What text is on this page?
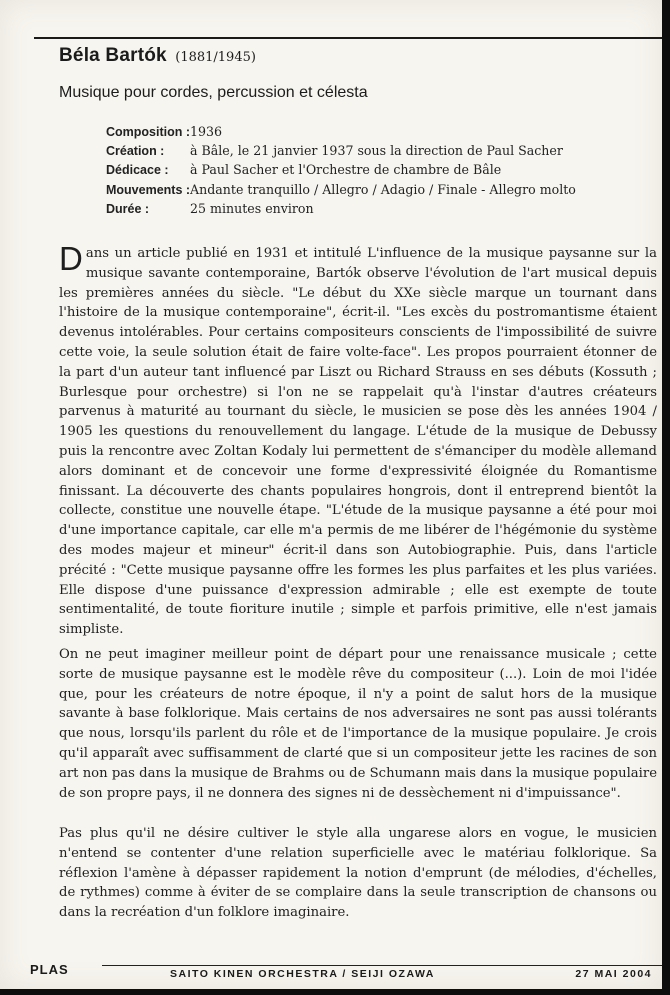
Béla Bartók (1881/1945)
Musique pour cordes, percussion et célesta
Composition :1936
Création : à Bâle, le 21 janvier 1937 sous la direction de Paul Sacher
Dédicace : à Paul Sacher et l'Orchestre de chambre de Bâle
Mouvements :Andante tranquillo / Allegro / Adagio / Finale - Allegro molto
Durée :	25 minutes environ
Dans un article publié en 1931 et intitulé L'influence de la musique paysanne sur la musique savante contemporaine, Bartók observe l'évolution de l'art musical depuis les premières années du siècle. "Le début du XXe siècle marque un tournant dans l'histoire de la musique contemporaine", écrit-il. "Les excès du postromantisme étaient devenus intolérables. Pour certains compositeurs conscients de l'impossibilité de suivre cette voie, la seule solution était de faire volte-face". Les propos pourraient étonner de la part d'un auteur tant influencé par Liszt ou Richard Strauss en ses débuts (Kossuth ; Burlesque pour orchestre) si l'on ne se rappelait qu'à l'instar d'autres créateurs parvenus à maturité au tournant du siècle, le musicien se pose dès les années 1904 / 1905 les questions du renouvellement du langage. L'étude de la musique de Debussy puis la rencontre avec Zoltan Kodaly lui permettent de s'émanciper du modèle allemand alors dominant et de concevoir une forme d'expressivité éloignée du Romantisme finissant. La découverte des chants populaires hongrois, dont il entreprend bientôt la collecte, constitue une nouvelle étape. "L'étude de la musique paysanne a été pour moi d'une importance capitale, car elle m'a permis de me libérer de l'hégémonie du système des modes majeur et mineur" écrit-il dans son Autobiographie. Puis, dans l'article précité : "Cette musique paysanne offre les formes les plus parfaites et les plus variées. Elle dispose d'une puissance d'expression admirable ; elle est exempte de toute sentimentalité, de toute fioriture inutile ; simple et parfois primitive, elle n'est jamais simpliste.
On ne peut imaginer meilleur point de départ pour une renaissance musicale ; cette sorte de musique paysanne est le modèle rêve du compositeur (...). Loin de moi l'idée que, pour les créateurs de notre époque, il n'y a point de salut hors de la musique savante à base folklorique. Mais certains de nos adversaires ne sont pas aussi tolérants que nous, lorsqu'ils parlent du rôle et de l'importance de la musique populaire. Je crois qu'il apparaît avec suffisamment de clarté que si un compositeur jette les racines de son art non pas dans la musique de Brahms ou de Schumann mais dans la musique populaire de son propre pays, il ne donnera des signes ni de dessèchement ni d'impuissance".
Pas plus qu'il ne désire cultiver le style alla ungarese alors en vogue, le musicien n'entend se contenter d'une relation superficielle avec le matériau folklorique. Sa réflexion l'amène à dépasser rapidement la notion d'emprunt (de mélodies, d'échelles, de rythmes) comme à éviter de se complaire dans la seule transcription de chansons ou dans la recréation d'un folklore imaginaire.
PLAS	SAITO KINEN ORCHESTRA / SEIJI OZAWA	27 MAI 2004
